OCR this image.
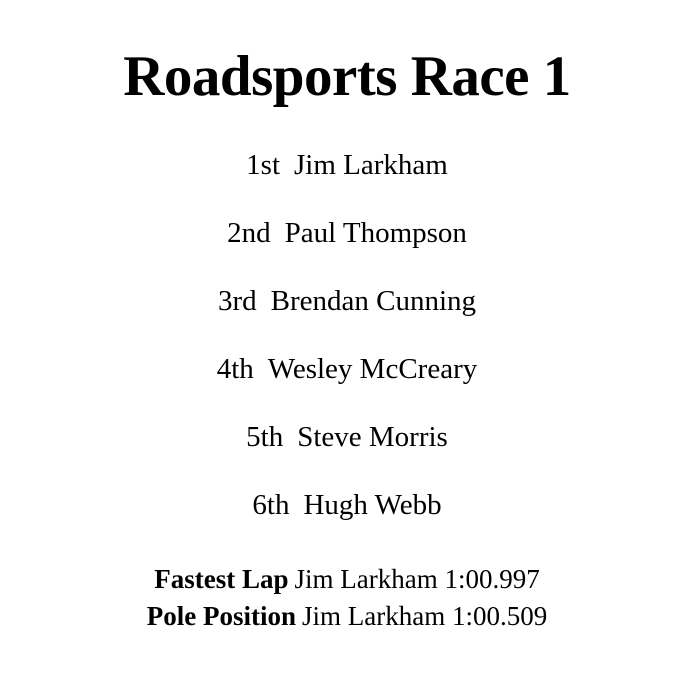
Roadsports Race 1
1st Jim Larkham
2nd Paul Thompson
3rd Brendan Cunning
4th Wesley McCreary
5th Steve Morris
6th Hugh Webb
Fastest Lap Jim Larkham 1:00.997
Pole Position Jim Larkham 1:00.509
